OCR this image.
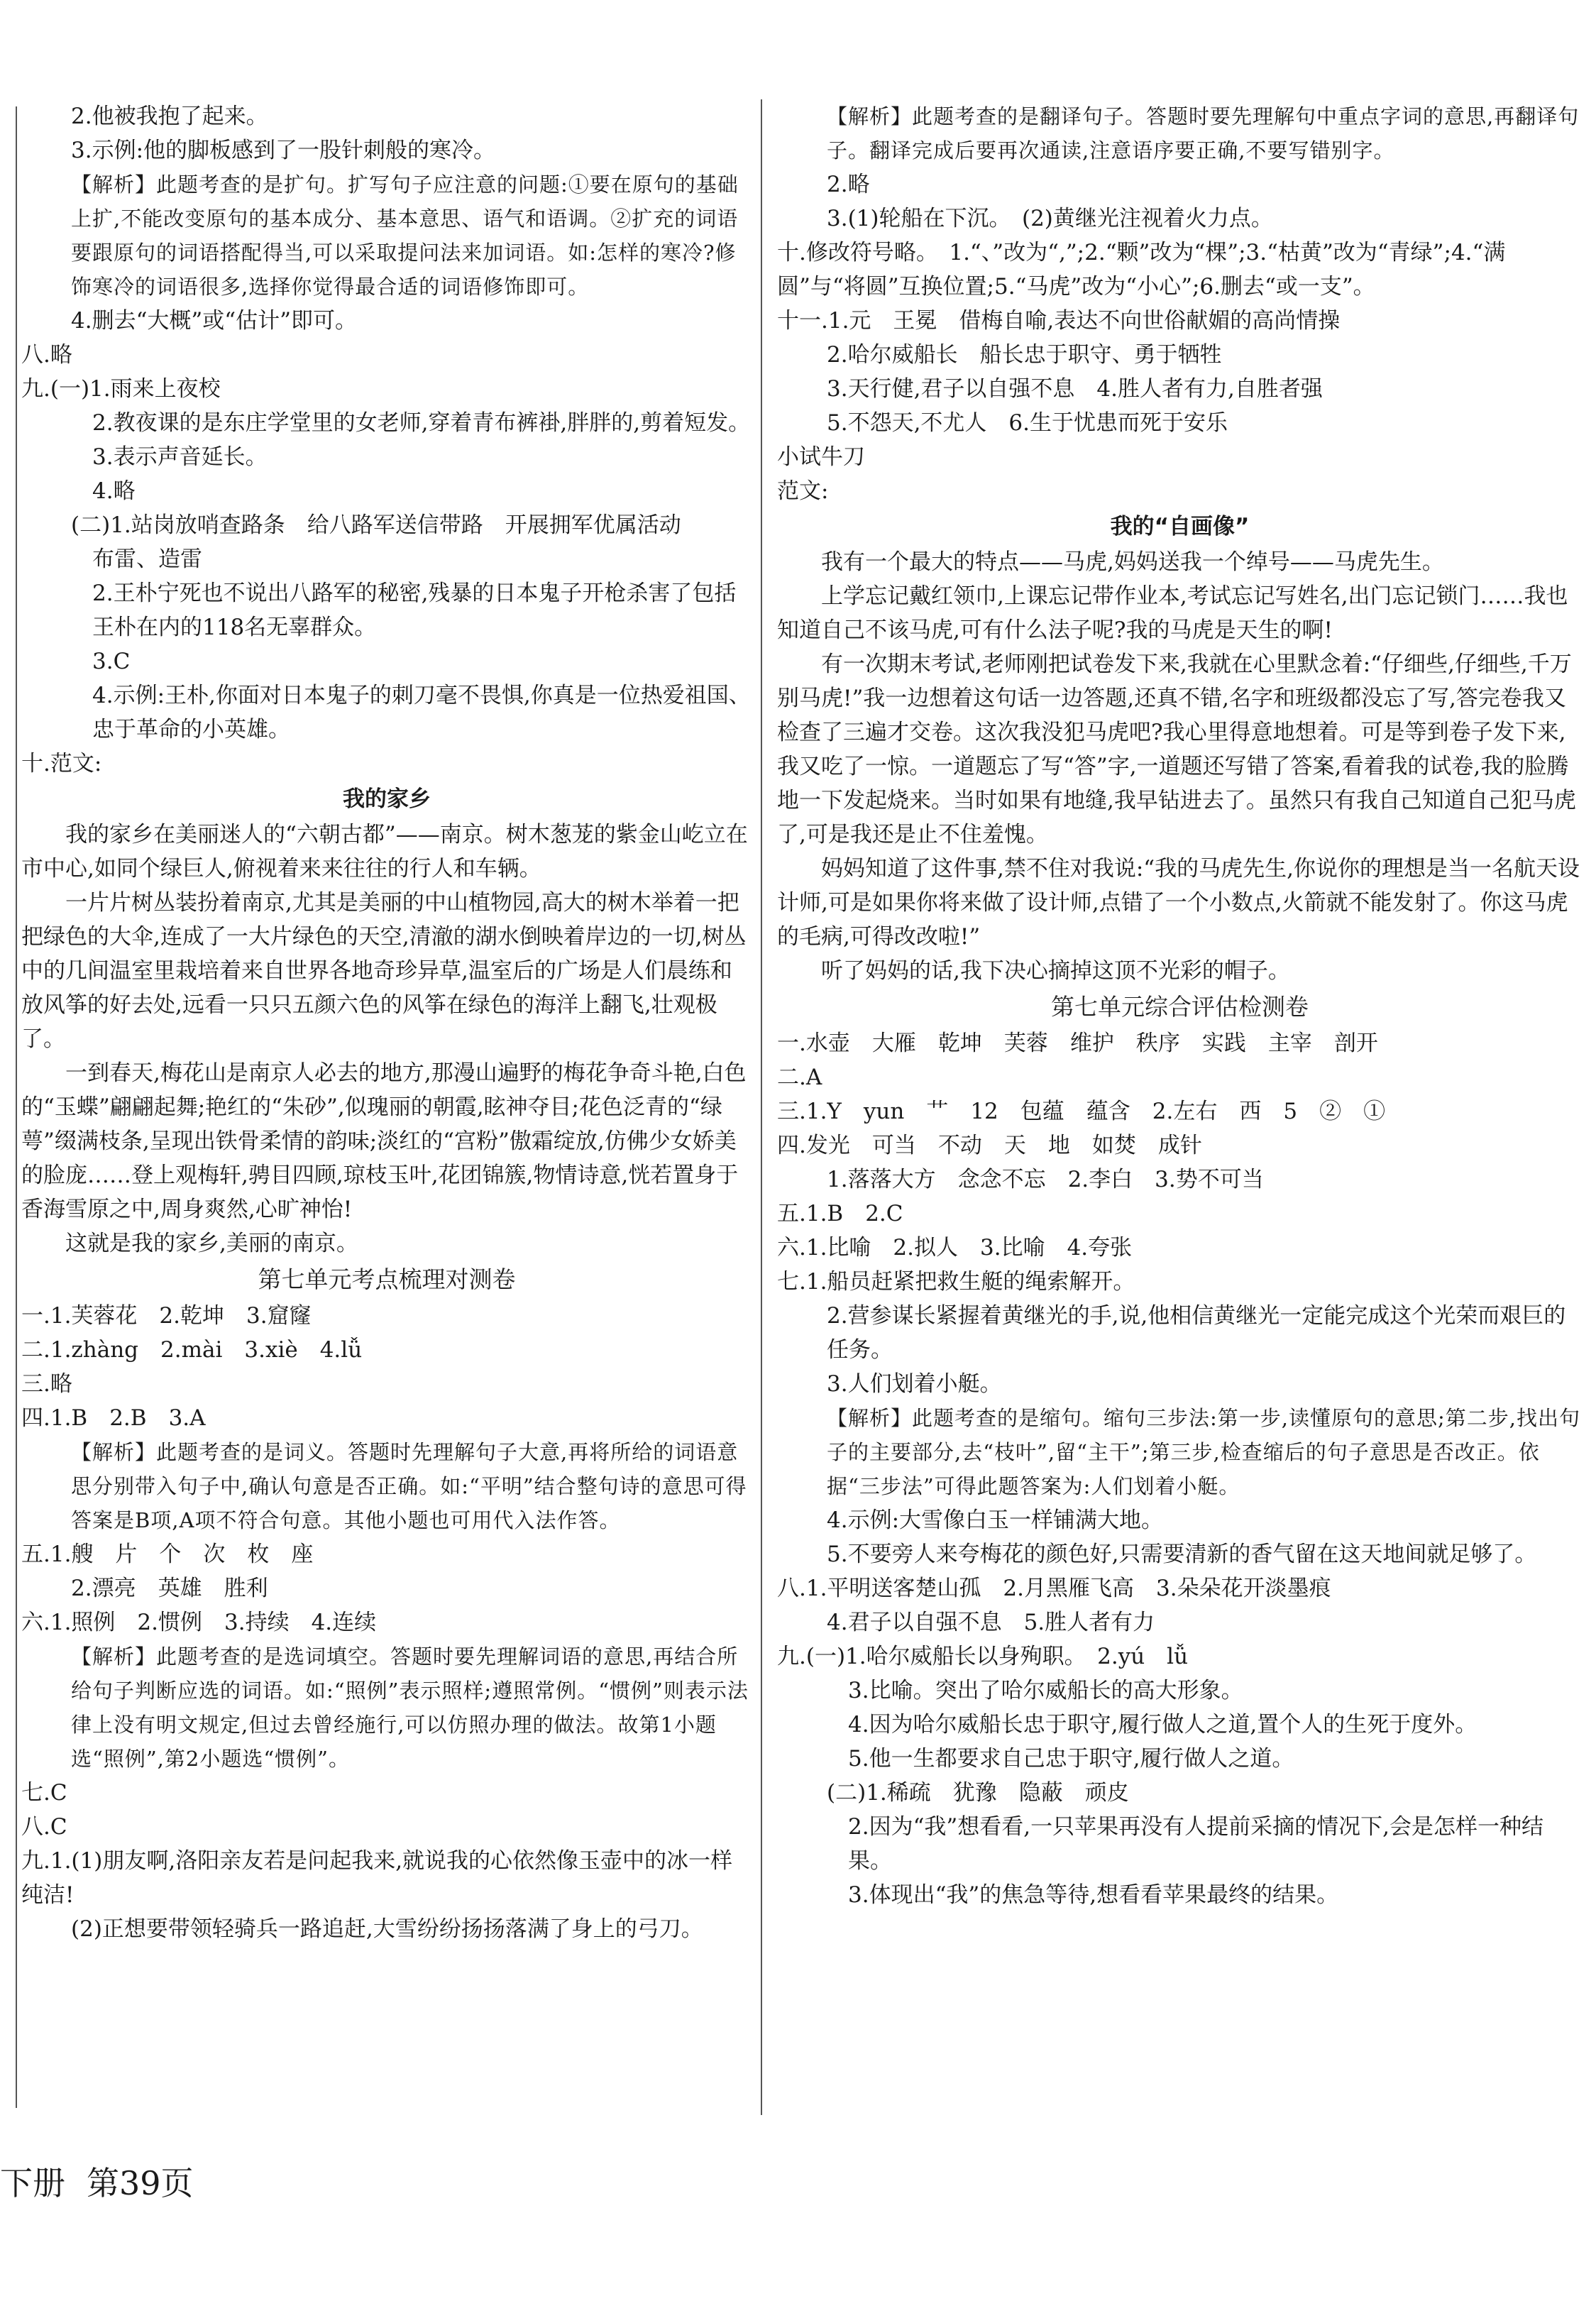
2.他被我抱了起来。
3.示例:他的脚板感到了一股针刺般的寒冷。
【解析】此题考查的是扩句。扩写句子应注意的问题:①要在原句的基础上扩,不能改变原句的基本成分、基本意思、语气和语调。②扩充的词语要跟原句的词语搭配得当,可以采取提问法来加词语。如:怎样的寒冷?修饰寒冷的词语很多,选择你觉得最合适的词语修饰即可。
4.删去“大概”或“估计”即可。
八.略
九.(一)1.雨来上夜校
2.教夜课的是东庄学堂里的女老师,穿着青布裤褂,胖胖的,剪着短发。
3.表示声音延长。
4.略
(二)1.站岗放哨查路条　给八路军送信带路　开展拥军优属活动
布雷、造雷
2.王朴宁死也不说出八路军的秘密,残暴的日本鬼子开枪杀害了包括王朴在内的118名无辜群众。
3.C
4.示例:王朴,你面对日本鬼子的刺刀毫不畏惧,你真是一位热爱祖国、忠于革命的小英雄。
十.范文:
我的家乡
我的家乡在美丽迷人的“六朝古都”——南京。树木葱茏的紫金山屹立在市中心,如同个绿巨人,俯视着来来往往的行人和车辆。
一片片树丛装扮着南京,尤其是美丽的中山植物园,高大的树木举着一把把绿色的大伞,连成了一大片绿色的天空,清澈的湖水倒映着岸边的一切,树丛中的几间温室里栽培着来自世界各地奇珍异草,温室后的广场是人们晨练和放风筝的好去处,远看一只只五颜六色的风筝在绿色的海洋上翻飞,壮观极了。
一到春天,梅花山是南京人必去的地方,那漫山遍野的梅花争奇斗艳,白色的“玉蝶”翩翩起舞;艳红的“朱砂”,似瑰丽的朝霞,眩神夺目;花色泛青的“绿萼”缀满枝条,呈现出铁骨柔情的韵味;淡红的“宫粉”傲霜绽放,仿佛少女娇美的脸庞……登上观梅轩,骋目四顾,琼枝玉叶,花团锦簇,物情诗意,恍若置身于香海雪原之中,周身爽然,心旷神怡!
这就是我的家乡,美丽的南京。
第七单元考点梳理对测卷
一.1.芙蓉花　2.乾坤　3.窟窿
二.1.zhàng　2.mài　3.xiè　4.lǚ
三.略
四.1.B　2.B　3.A
【解析】此题考查的是词义。答题时先理解句子大意,再将所给的词语意思分别带入句子中,确认句意是否正确。如:“平明”结合整句诗的意思可得答案是B项,A项不符合句意。其他小题也可用代入法作答。
五.1.艘　片　个　次　枚　座
2.漂亮　英雄　胜利
六.1.照例　2.惯例　3.持续　4.连续
【解析】此题考查的是选词填空。答题时要先理解词语的意思,再结合所给句子判断应选的词语。如:“照例”表示照样;遵照常例。“惯例”则表示法律上没有明文规定,但过去曾经施行,可以仿照办理的做法。故第1小题选“照例”,第2小题选“惯例”。
七.C
八.C
九.1.(1)朋友啊,洛阳亲友若是问起我来,就说我的心依然像玉壶中的冰一样纯洁!
(2)正想要带领轻骑兵一路追赶,大雪纷纷扬扬落满了身上的弓刀。
【解析】此题考查的是翻译句子。答题时要先理解句中重点字词的意思,再翻译句子。翻译完成后要再次通读,注意语序要正确,不要写错别字。
2.略
3.(1)轮船在下沉。　(2)黄继光注视着火力点。
十.修改符号略。　1.“、”改为“,”;2.“颗”改为“棵”;3.“枯黄”改为“青绿”;4.“满圆”与“将圆”互换位置;5.“马虎”改为“小心”;6.删去“或一支”。
十一.1.元　王冕　借梅自喻,表达不向世俗献媚的高尚情操
2.哈尔威船长　船长忠于职守、勇于牺牲
3.天行健,君子以自强不息　4.胜人者有力,自胜者强
5.不怨天,不尤人　6.生于忧患而死于安乐
小试牛刀
范文:
我的“自画像”
我有一个最大的特点——马虎,妈妈送我一个绰号——马虎先生。
上学忘记戴红领巾,上课忘记带作业本,考试忘记写姓名,出门忘记锁门……我也知道自己不该马虎,可有什么法子呢?我的马虎是天生的啊!
有一次期末考试,老师刚把试卷发下来,我就在心里默念着:“仔细些,仔细些,千万别马虎!”我一边想着这句话一边答题,还真不错,名字和班级都没忘了写,答完卷我又检查了三遍才交卷。这次我没犯马虎吧?我心里得意地想着。可是等到卷子发下来,我又吃了一惊。一道题忘了写“答”字,一道题还写错了答案,看着我的试卷,我的脸腾地一下发起烧来。当时如果有地缝,我早钻进去了。虽然只有我自己知道自己犯马虎了,可是我还是止不住羞愧。
妈妈知道了这件事,禁不住对我说:“我的马虎先生,你说你的理想是当一名航天设计师,可是如果你将来做了设计师,点错了一个小数点,火箭就不能发射了。你这马虎的毛病,可得改改啦!”
听了妈妈的话,我下决心摘掉这顶不光彩的帽子。
第七单元综合评估检测卷
一.水壶　大雁　乾坤　芙蓉　维护　秩序　实践　主宰　剖开
二.A
三.1.Y　yun　艹　12　包蕴　蕴含　2.左右　西　5　②　①
四.发光　可当　不动　天　地　如焚　成针
1.落落大方　念念不忘　2.李白　3.势不可当
五.1.B　2.C
六.1.比喻　2.拟人　3.比喻　4.夸张
七.1.船员赶紧把救生艇的绳索解开。
2.营参谋长紧握着黄继光的手,说,他相信黄继光一定能完成这个光荣而艰巨的任务。
3.人们划着小艇。
【解析】此题考查的是缩句。缩句三步法:第一步,读懂原句的意思;第二步,找出句子的主要部分,去“枝叶”,留“主干”;第三步,检查缩后的句子意思是否改正。依据“三步法”可得此题答案为:人们划着小艇。
4.示例:大雪像白玉一样铺满大地。
5.不要旁人来夸梅花的颜色好,只需要清新的香气留在这天地间就足够了。
八.1.平明送客楚山孤　2.月黑雁飞高　3.朵朵花开淡墨痕
4.君子以自强不息　5.胜人者有力
九.(一)1.哈尔威船长以身殉职。　2.yú　lǚ
3.比喻。突出了哈尔威船长的高大形象。
4.因为哈尔威船长忠于职守,履行做人之道,置个人的生死于度外。
5.他一生都要求自己忠于职守,履行做人之道。
(二)1.稀疏　犹豫　隐蔽　顽皮
2.因为“我”想看看,一只苹果再没有人提前采摘的情况下,会是怎样一种结果。
3.体现出“我”的焦急等待,想看看苹果最终的结果。
下册 第39页
